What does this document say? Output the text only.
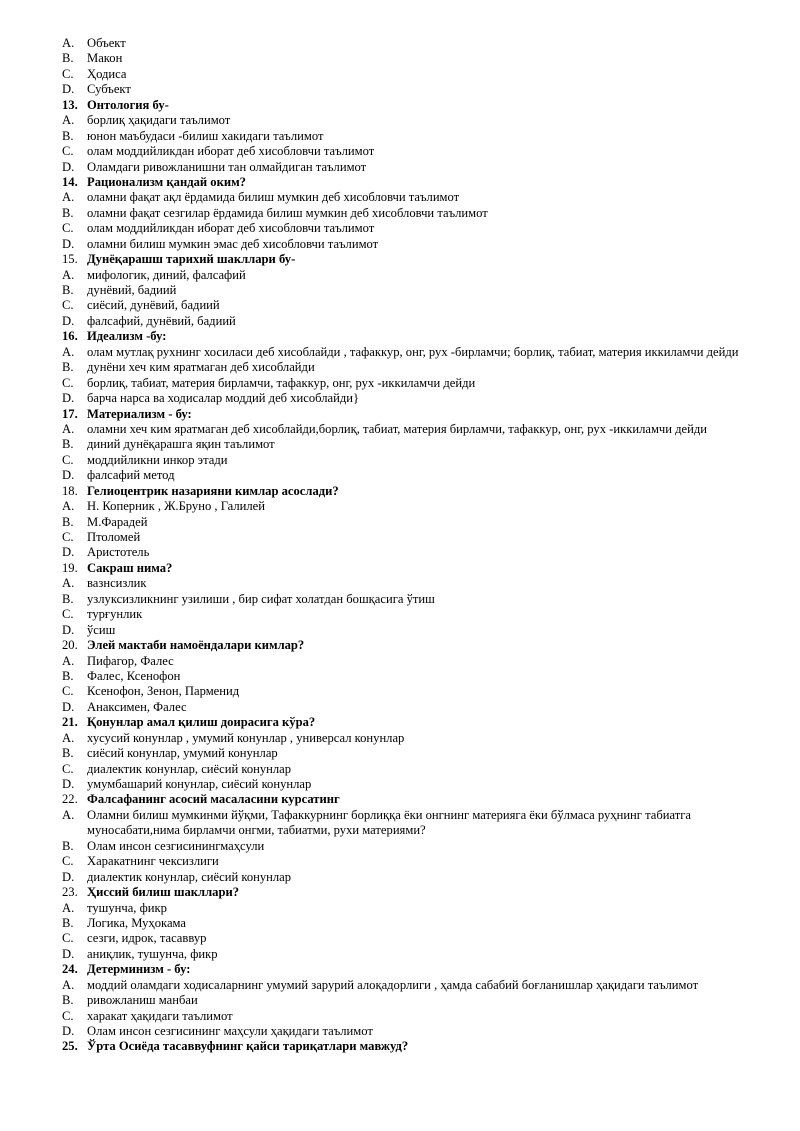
A. Объект
B. Макон
C. Ҳодиса
D. Субъект
13. Онтология бу-
A. борлиқ ҳақидаги таълимот
B. юнон маъбудаси -билиш хакидаги таълимот
C. олам моддийликдан иборат деб хисобловчи таълимот
D. Оламдаги ривожланишни тан олмайдиган таълимот
14. Рационализм қандай оким?
A. оламни фақат ақл ёрдамида билиш мумкин деб хисобловчи таълимот
B. оламни фақат сезгилар ёрдамида билиш мумкин деб хисобловчи таълимот
C. олам моддийликдан иборат деб хисобловчи таълимот
D. оламни билиш мумкин эмас деб хисобловчи таълимот
15. Дунёқарашш тарихий шакллари бу-
A. мифологик, диний, фалсафий
B. дунёвий, бадиий
C. сиёсий, дунёвий, бадиий
D. фалсафий, дунёвий, бадиий
16. Идеализм -бу:
A. олам мутлақ рухнинг хосиласи деб хисоблайди , тафаккур, онг, рух -бирламчи; борлиқ, табиат, материя иккиламчи дейди
B. дунёни хеч ким яратмаган деб хисоблайди
C. борлиқ, табиат, материя бирламчи, тафаккур, онг, рух -иккиламчи дейди
D. барча нарса ва ходисалар моддий деб хисоблайди}
17. Материализм - бу:
A. оламни хеч ким яратмаган деб хисоблайди,борлиқ, табиат, материя бирламчи, тафаккур, онг, рух -иккиламчи дейди
B. диний дунёқарашга яқин таълимот
C. моддийликни инкор этади
D. фалсафий метод
18. Гелиоцентрик назарияни кимлар асослади?
A. Н. Коперник , Ж.Бруно , Галилей
B. М.Фарадей
C. Птоломей
D. Аристотель
19. Сакраш нима?
A. вазнсизлик
B. узлуксизликнинг узилиши , бир сифат холатдан бошқасига ўтиш
C. турғунлик
D. ўсиш
20. Элей мактаби намоёндалари кимлар?
A. Пифагор, Фалес
B. Фалес, Ксенофон
C. Ксенофон, Зенон, Парменид
D. Анаксимен, Фалес
21. Қонунлар амал қилиш доирасига кўра?
A. хусусий конунлар , умумий конунлар , универсал конунлар
B. сиёсий конунлар, умумий конунлар
C. диалектик конунлар, сиёсий конунлар
D. умумбашарий конунлар, сиёсий конунлар
22. Фалсафанинг асосий масаласини курсатинг
A. Оламни билиш мумкинми йўқми, Тафаккурнинг борлиққа ёки онгнинг материяга ёки бўлмаса руҳнинг табиатга муносабати,нима бирламчи онгми, табиатми, рухи материями?
B. Олам инсон сезгисинингмаҳсули
C. Харакатнинг чексизлиги
D. диалектик конунлар, сиёсий конунлар
23. Ҳиссий билиш шакллари?
A. тушунча, фикр
B. Логика, Муҳокама
C. сезги, идрок, тасаввур
D. аниқлик, тушунча, фикр
24. Детерминизм - бу:
A. моддий оламдаги ходисаларнинг умумий зарурий алоқадорлиги , ҳамда сабабий боғланишлар ҳақидаги таълимот
B. ривожланиш манбаи
C. харакат ҳақидаги таълимот
D. Олам инсон сезгисининг маҳсули ҳақидаги таълимот
25. Ўрта Осиёда тасаввуфнинг қайси тариқатлари мавжуд?
